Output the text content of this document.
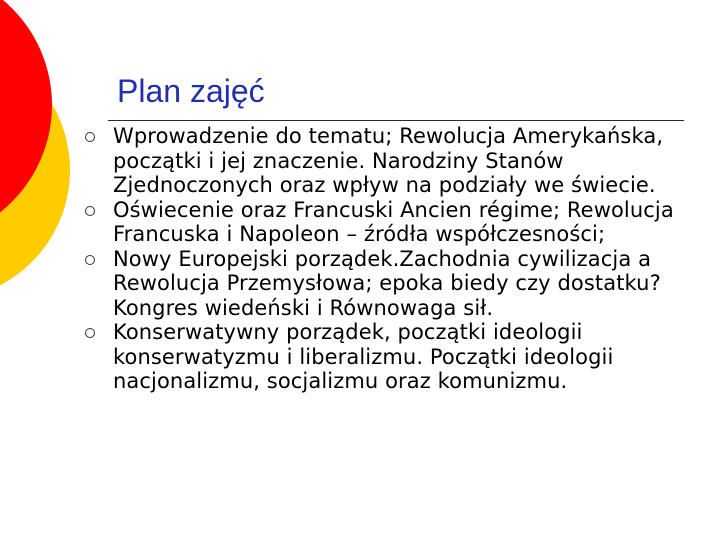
Plan zajęć
Wprowadzenie do tematu; Rewolucja Amerykańska, początki i jej znaczenie. Narodziny Stanów Zjednoczonych oraz wpływ na podziały we świecie.
Oświecenie oraz Francuski Ancien régime; Rewolucja Francuska i Napoleon – źródła współczesności;
Nowy Europejski porządek.Zachodnia cywilizacja a Rewolucja Przemysłowa; epoka biedy czy dostatku? Kongres wiedeński i Równowaga sił.
Konserwatywny porządek, początki ideologii konserwatyzmu i liberalizmu. Początki ideologii nacjonalizmu, socjalizmu oraz komunizmu.
